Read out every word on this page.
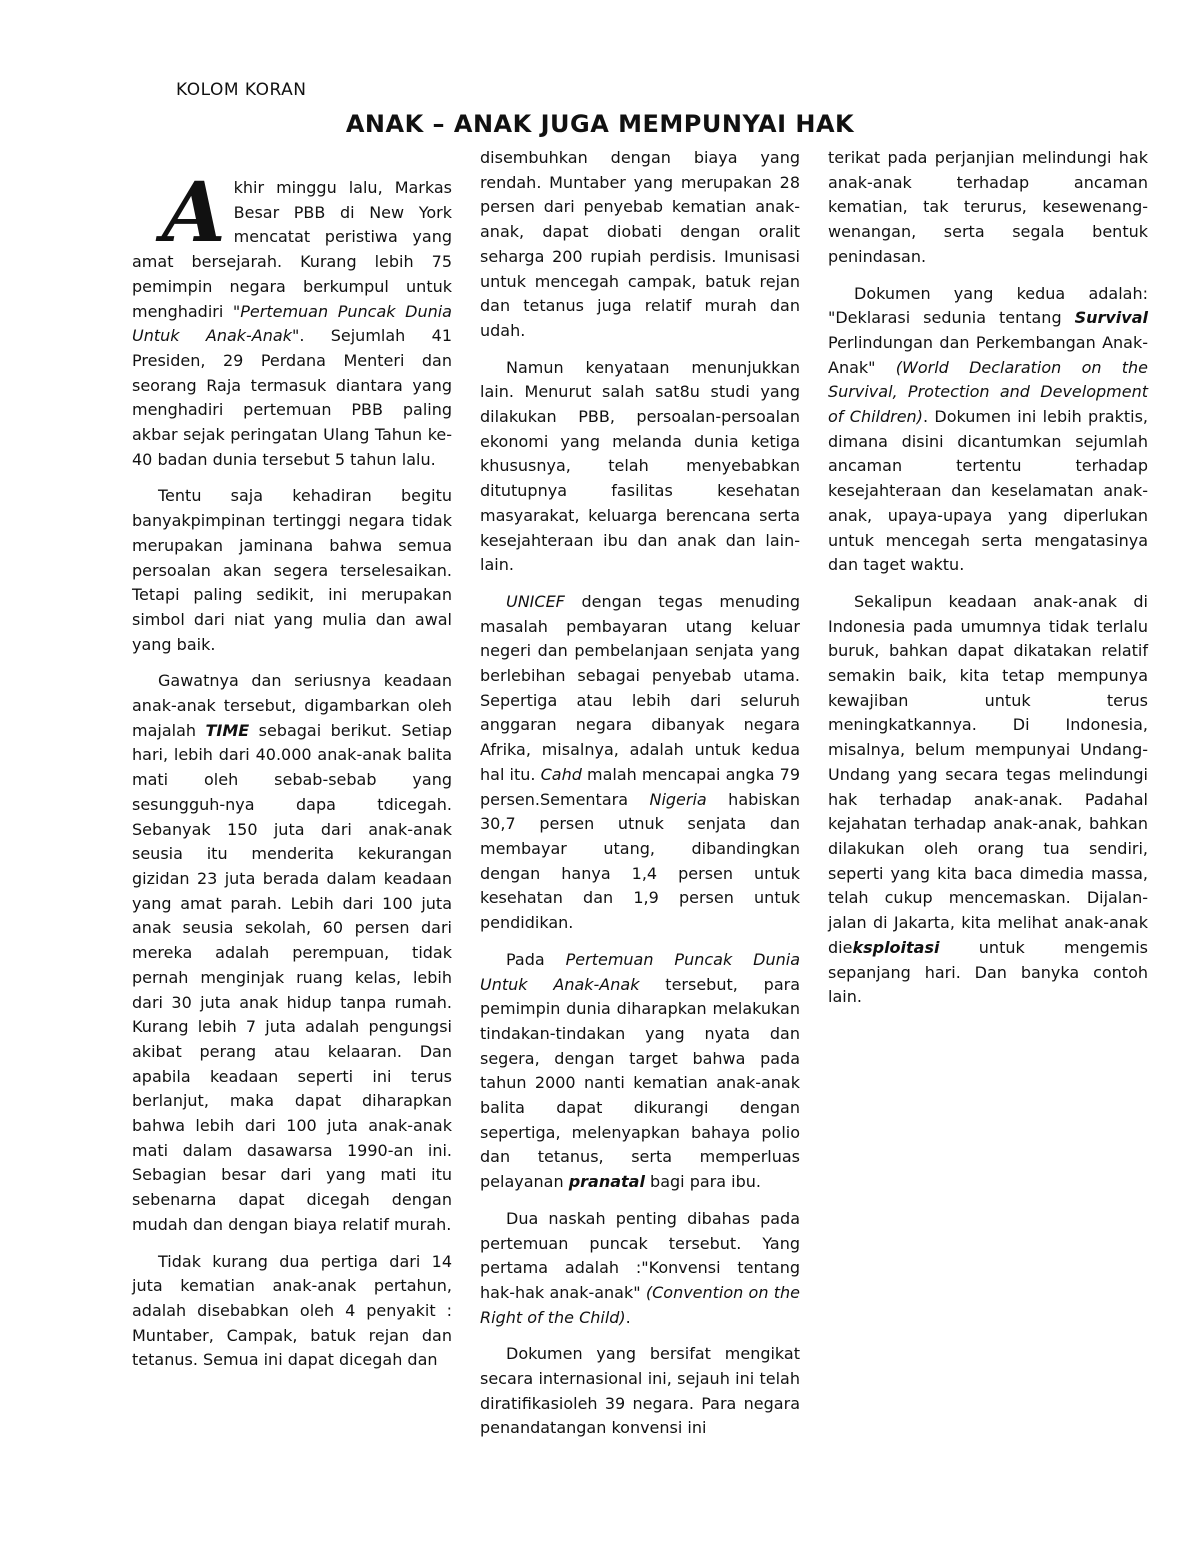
KOLOM KORAN
ANAK – ANAK JUGA MEMPUNYAI HAK

Akhir minggu lalu, Markas Besar PBB di New York mencatat peristiwa yang amat bersejarah. Kurang lebih 75 pemimpin negara berkumpul untuk menghadiri "Pertemuan Puncak Dunia Untuk Anak-Anak". Sejumlah 41 Presiden, 29 Perdana Menteri dan seorang Raja termasuk diantara yang menghadiri pertemuan PBB paling akbar sejak peringatan Ulang Tahun ke-40 badan dunia tersebut 5 tahun lalu.

Tentu saja kehadiran begitu banyakpimpinan tertinggi negara tidak merupakan jaminana bahwa semua persoalan akan segera terselesaikan. Tetapi paling sedikit, ini merupakan simbol dari niat yang mulia dan awal yang baik.

Gawatnya dan seriusnya keadaan anak-anak tersebut, digambarkan oleh majalah TIME sebagai berikut. Setiap hari, lebih dari 40.000 anak-anak balita mati oleh sebab-sebab yang sesungguh-nya dapa tdicegah. Sebanyak 150 juta dari anak-anak seusia itu menderita kekurangan gizidan 23 juta berada dalam keadaan yang amat parah. Lebih dari 100 juta anak seusia sekolah, 60 persen dari mereka adalah perempuan, tidak pernah menginjak ruang kelas, lebih dari 30 juta anak hidup tanpa rumah. Kurang lebih 7 juta adalah pengungsi akibat perang atau kelaaran. Dan apabila keadaan seperti ini terus berlanjut, maka dapat diharapkan bahwa lebih dari 100 juta anak-anak mati dalam dasawarsa 1990-an ini. Sebagian besar dari yang mati itu sebenarna dapat dicegah dengan mudah dan dengan biaya relatif murah.

Tidak kurang dua pertiga dari 14 juta kematian anak-anak pertahun, adalah disebabkan oleh 4 penyakit : Muntaber, Campak, batuk rejan dan tetanus. Semua ini dapat dicegah dan

disembuhkan dengan biaya yang rendah. Muntaber yang merupakan 28 persen dari penyebab kematian anak-anak, dapat diobati dengan oralit seharga 200 rupiah perdisis. Imunisasi untuk mencegah campak, batuk rejan dan tetanus juga relatif murah dan udah.

Namun kenyataan menunjukkan lain. Menurut salah sat8u studi yang dilakukan PBB, persoalan-persoalan ekonomi yang melanda dunia ketiga khususnya, telah menyebabkan ditutupnya fasilitas kesehatan masyarakat, keluarga berencana serta kesejahteraan ibu dan anak dan lain-lain.

UNICEF dengan tegas menuding masalah pembayaran utang keluar negeri dan pembelanjaan senjata yang berlebihan sebagai penyebab utama. Sepertiga atau lebih dari seluruh anggaran negara dibanyak negara Afrika, misalnya, adalah untuk kedua hal itu. Cahd malah mencapai angka 79 persen.Sementara Nigeria habiskan 30,7 persen utnuk senjata dan membayar utang, dibandingkan dengan hanya 1,4 persen untuk kesehatan dan 1,9 persen untuk pendidikan.

Pada Pertemuan Puncak Dunia Untuk Anak-Anak tersebut, para pemimpin dunia diharapkan melakukan tindakan-tindakan yang nyata dan segera, dengan target bahwa pada tahun 2000 nanti kematian anak-anak balita dapat dikurangi dengan sepertiga, melenyapkan bahaya polio dan tetanus, serta memperluas pelayanan pranatal bagi para ibu.

Dua naskah penting dibahas pada pertemuan puncak tersebut. Yang pertama adalah :"Konvensi tentang hak-hak anak-anak" (Convention on the Right of the Child).

Dokumen yang bersifat mengikat secara internasional ini, sejauh ini telah diratifikasioleh 39 negara. Para negara penandatangan konvensi ini

terikat pada perjanjian melindungi hak anak-anak terhadap ancaman kematian, tak terurus, kesewenang-wenangan, serta segala bentuk penindasan.

Dokumen yang kedua adalah: "Deklarasi sedunia tentang Survival Perlindungan dan Perkembangan Anak-Anak" (World Declaration on the Survival, Protection and Development of Children). Dokumen ini lebih praktis, dimana disini dicantumkan sejumlah ancaman tertentu terhadap kesejahteraan dan keselamatan anak-anak, upaya-upaya yang diperlukan untuk mencegah serta mengatasinya dan taget waktu.

Sekalipun keadaan anak-anak di Indonesia pada umumnya tidak terlalu buruk, bahkan dapat dikatakan relatif semakin baik, kita tetap mempunya kewajiban untuk terus meningkatkannya. Di Indonesia, misalnya, belum mempunyai Undang-Undang yang secara tegas melindungi hak terhadap anak-anak. Padahal kejahatan terhadap anak-anak, bahkan dilakukan oleh orang tua sendiri, seperti yang kita baca dimedia massa, telah cukup mencemaskan. Dijalan-jalan di Jakarta, kita melihat anak-anak dieksploitasi untuk mengemis sepanjang hari. Dan banyka contoh lain.
